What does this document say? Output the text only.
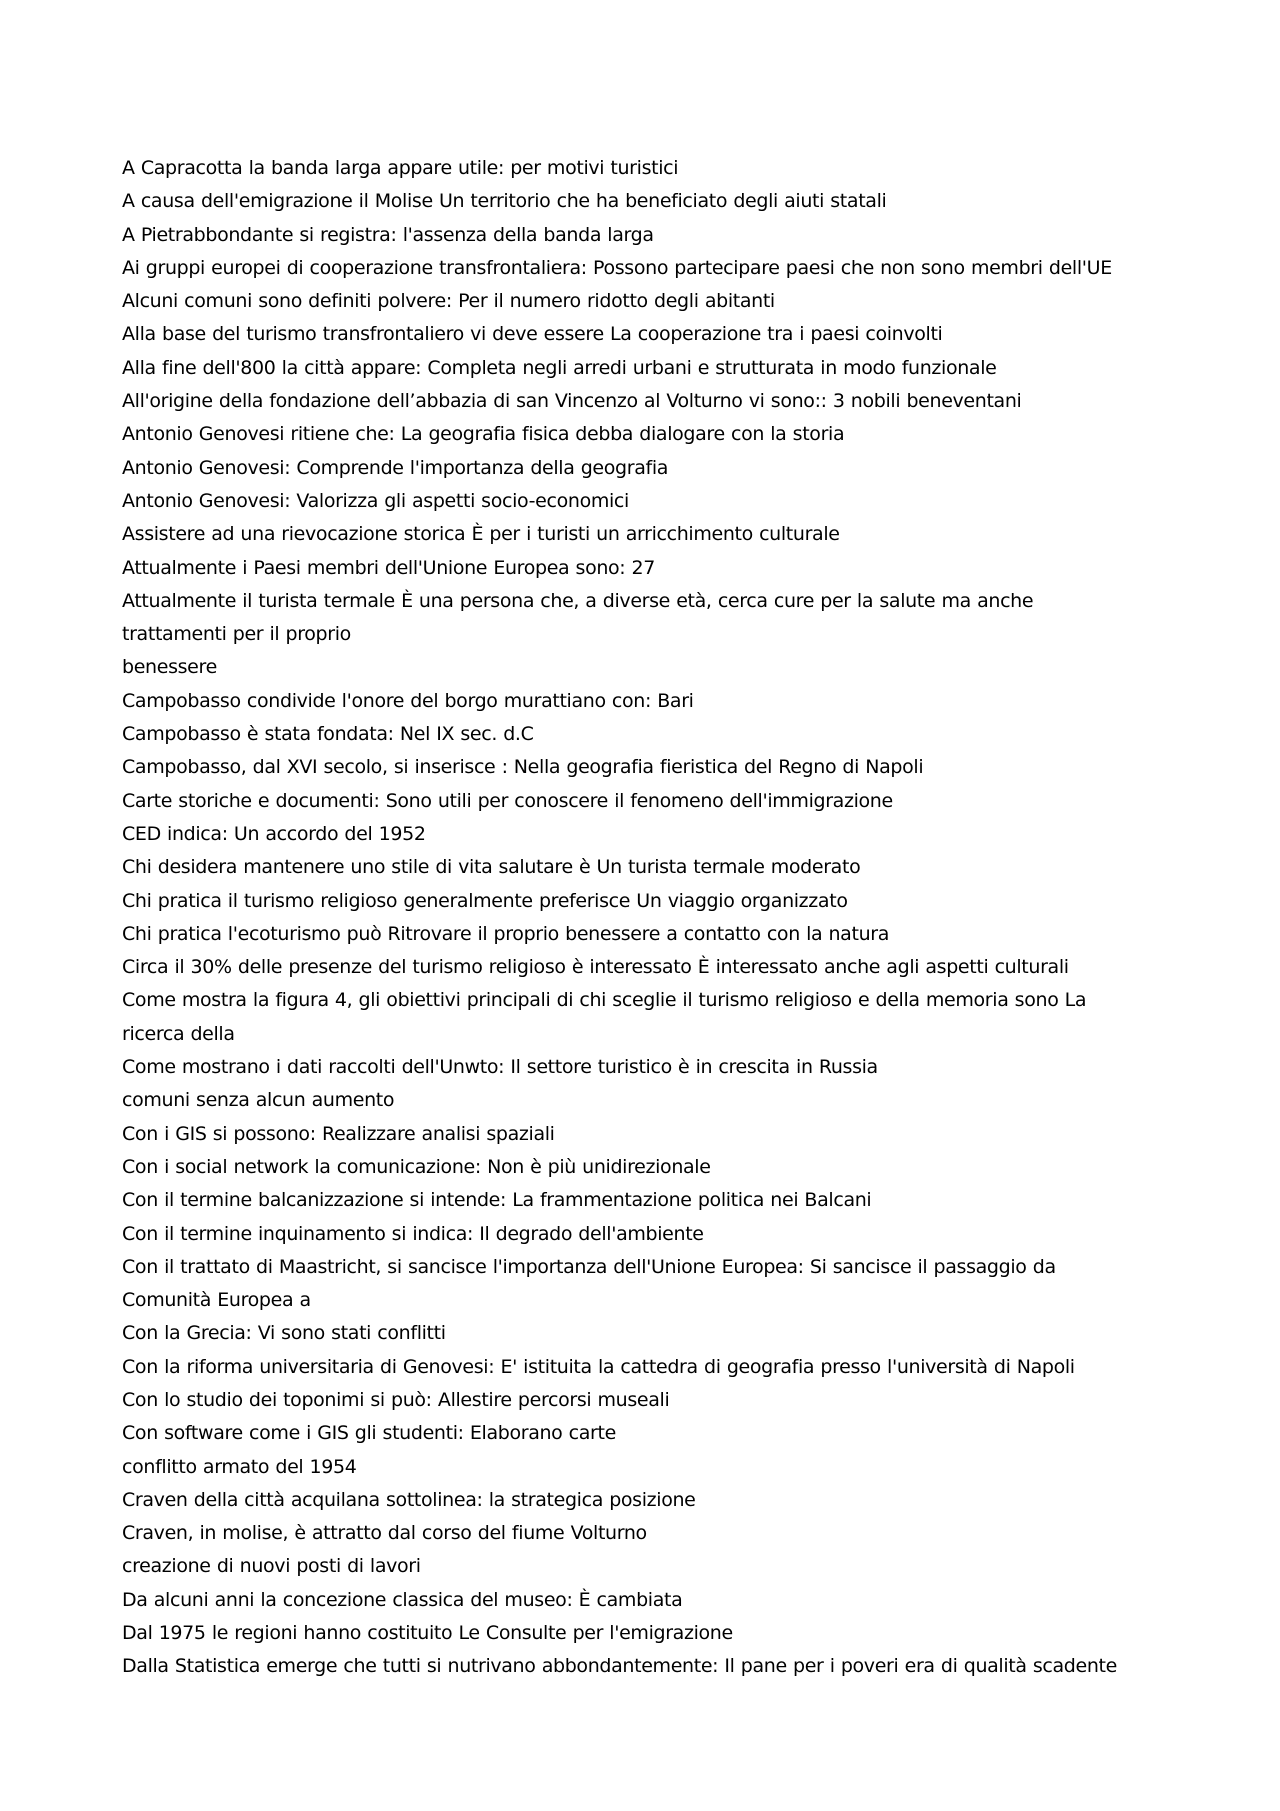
A Capracotta la banda larga appare utile: per motivi turistici
A causa dell'emigrazione il Molise Un territorio che ha beneficiato degli aiuti statali
A Pietrabbondante si registra: l'assenza della banda larga
Ai gruppi europei di cooperazione transfrontaliera: Possono partecipare paesi che non sono membri dell'UE
Alcuni comuni sono definiti polvere: Per il numero ridotto degli abitanti
Alla base del turismo transfrontaliero vi deve essere La cooperazione tra i paesi coinvolti
Alla fine dell'800 la città appare: Completa negli arredi urbani e strutturata in modo funzionale
All'origine della fondazione dell’abbazia di san Vincenzo al Volturno vi sono:: 3 nobili beneventani
Antonio Genovesi ritiene che: La geografia fisica debba dialogare con la storia
Antonio Genovesi: Comprende l'importanza della geografia
Antonio Genovesi: Valorizza gli aspetti socio-economici
Assistere ad una rievocazione storica È per i turisti un arricchimento culturale
Attualmente i Paesi membri dell'Unione Europea sono: 27
Attualmente il turista termale È una persona che, a diverse età, cerca cure per la salute ma anche
trattamenti per il proprio
benessere
Campobasso condivide l'onore del borgo murattiano con: Bari
Campobasso è stata fondata: Nel IX sec. d.C
Campobasso, dal XVI secolo, si inserisce : Nella geografia fieristica del Regno di Napoli
Carte storiche e documenti: Sono utili per conoscere il fenomeno dell'immigrazione
CED indica: Un accordo del 1952
Chi desidera mantenere uno stile di vita salutare è Un turista termale moderato
Chi pratica il turismo religioso generalmente preferisce Un viaggio organizzato
Chi pratica l'ecoturismo può Ritrovare il proprio benessere a contatto con la natura
Circa il 30% delle presenze del turismo religioso è interessato È interessato anche agli aspetti culturali
Come mostra la figura 4, gli obiettivi principali di chi sceglie il turismo religioso e della memoria sono La
ricerca della
Come mostrano i dati raccolti dell'Unwto: Il settore turistico è in crescita in Russia
comuni senza alcun aumento
Con i GIS si possono: Realizzare analisi spaziali
Con i social network la comunicazione: Non è più unidirezionale
Con il termine balcanizzazione si intende: La frammentazione politica nei Balcani
Con il termine inquinamento si indica: Il degrado dell'ambiente
Con il trattato di Maastricht, si sancisce l'importanza dell'Unione Europea: Si sancisce il passaggio da
Comunità Europea a
Con la Grecia: Vi sono stati conflitti
Con la riforma universitaria di Genovesi: E' istituita la cattedra di geografia presso l'università di Napoli
Con lo studio dei toponimi si può: Allestire percorsi museali
Con software come i GIS gli studenti: Elaborano carte
conflitto armato del 1954
Craven della città acquilana sottolinea: la strategica posizione
Craven, in molise, è attratto dal corso del fiume Volturno
creazione di nuovi posti di lavori
Da alcuni anni la concezione classica del museo: È cambiata
Dal 1975 le regioni hanno costituito Le Consulte per l'emigrazione
Dalla Statistica emerge che tutti si nutrivano abbondantemente: Il pane per i poveri era di qualità scadente
